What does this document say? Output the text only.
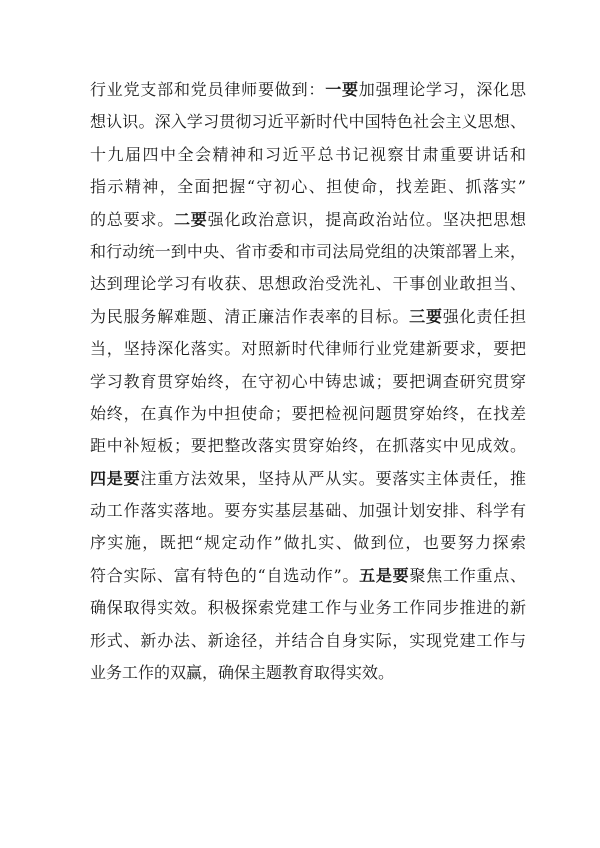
行业党支部和党员律师要做到：一要加强理论学习，深化思
想认识。深入学习贯彻习近平新时代中国特色社会主义思想、
十九届四中全会精神和习近平总书记视察甘肃重要讲话和
指示精神，全面把握“守初心、担使命，找差距、抓落实”
的总要求。二要强化政治意识，提高政治站位。坚决把思想
和行动统一到中央、省市委和市司法局党组的决策部署上来，
达到理论学习有收获、思想政治受洗礼、干事创业敢担当、
为民服务解难题、清正廉洁作表率的目标。三要强化责任担
当，坚持深化落实。对照新时代律师行业党建新要求，要把
学习教育贯穿始终，在守初心中铸忠诚；要把调查研究贯穿
始终，在真作为中担使命；要把检视问题贯穿始终，在找差
距中补短板；要把整改落实贯穿始终，在抓落实中见成效。
四是要注重方法效果，坚持从严从实。要落实主体责任，推
动工作落实落地。要夯实基层基础、加强计划安排、科学有
序实施，既把“规定动作”做扎实、做到位，也要努力探索
符合实际、富有特色的“自选动作”。五是要聚焦工作重点、
确保取得实效。积极探索党建工作与业务工作同步推进的新
形式、新办法、新途径，并结合自身实际，实现党建工作与
业务工作的双赢，确保主题教育取得实效。
